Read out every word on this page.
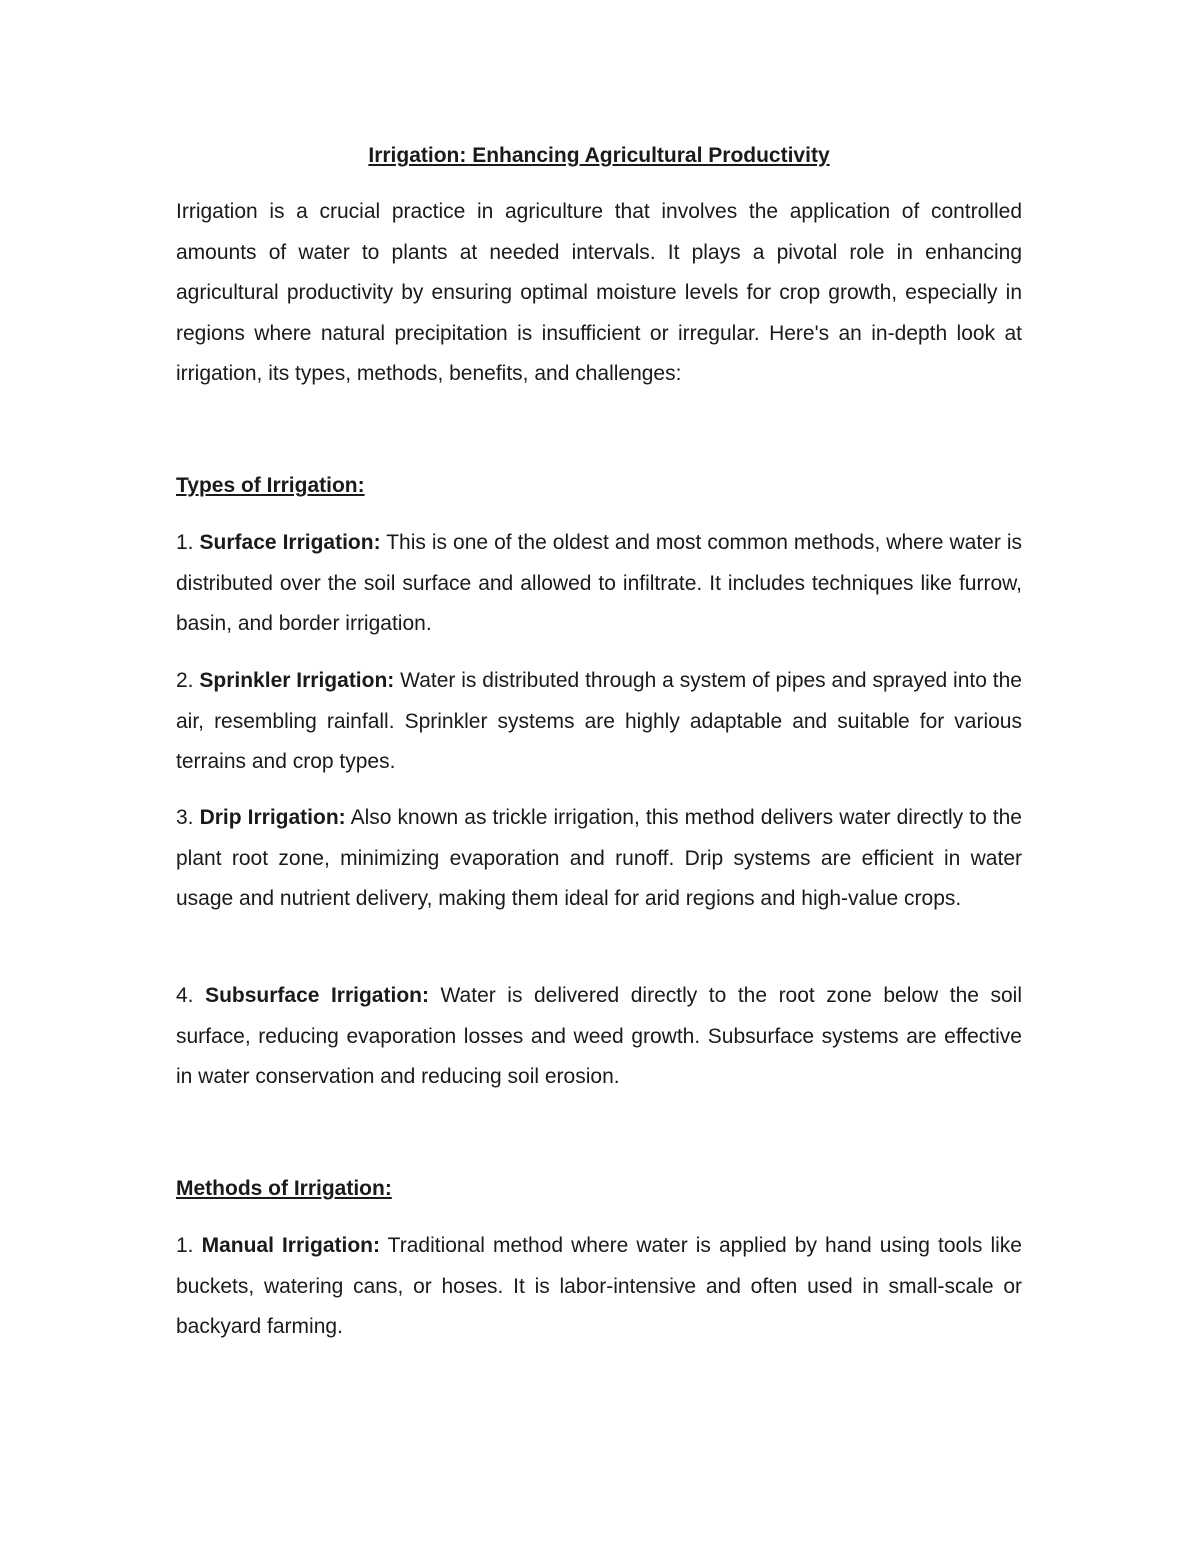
Irrigation: Enhancing Agricultural Productivity

Irrigation is a crucial practice in agriculture that involves the application of controlled amounts of water to plants at needed intervals. It plays a pivotal role in enhancing agricultural productivity by ensuring optimal moisture levels for crop growth, especially in regions where natural precipitation is insufficient or irregular. Here's an in-depth look at irrigation, its types, methods, benefits, and challenges:

Types of Irrigation:

1. Surface Irrigation: This is one of the oldest and most common methods, where water is distributed over the soil surface and allowed to infiltrate. It includes techniques like furrow, basin, and border irrigation.

2. Sprinkler Irrigation: Water is distributed through a system of pipes and sprayed into the air, resembling rainfall. Sprinkler systems are highly adaptable and suitable for various terrains and crop types.

3. Drip Irrigation: Also known as trickle irrigation, this method delivers water directly to the plant root zone, minimizing evaporation and runoff. Drip systems are efficient in water usage and nutrient delivery, making them ideal for arid regions and high-value crops.

4. Subsurface Irrigation: Water is delivered directly to the root zone below the soil surface, reducing evaporation losses and weed growth. Subsurface systems are effective in water conservation and reducing soil erosion.

Methods of Irrigation:

1. Manual Irrigation: Traditional method where water is applied by hand using tools like buckets, watering cans, or hoses. It is labor-intensive and often used in small-scale or backyard farming.
